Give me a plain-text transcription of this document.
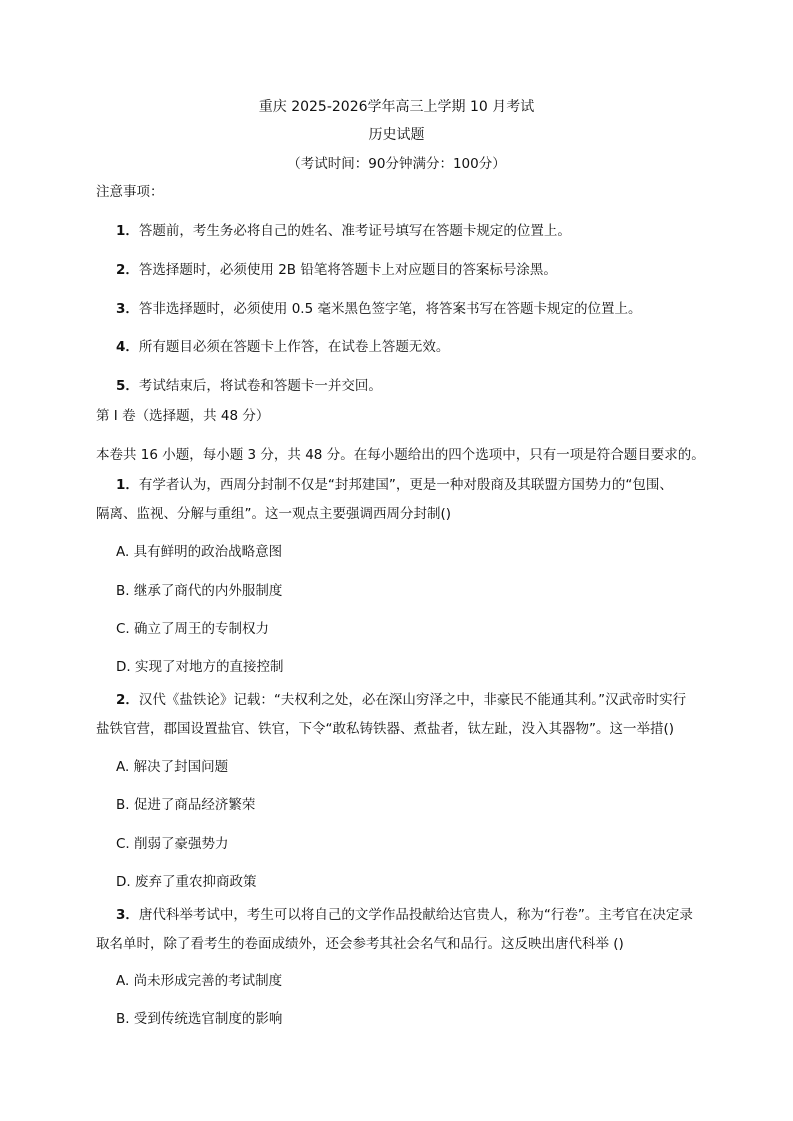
重庆 2025-2026学年高三上学期 10 月考试
历史试题
（考试时间：90分钟满分：100分）
注意事项：
1．答题前，考生务必将自己的姓名、准考证号填写在答题卡规定的位置上。
2．答选择题时，必须使用 2B 铅笔将答题卡上对应题目的答案标号涂黑。
3．答非选择题时，必须使用 0.5 毫米黑色签字笔，将答案书写在答题卡规定的位置上。
4．所有题目必须在答题卡上作答，在试卷上答题无效。
5．考试结束后，将试卷和答题卡一并交回。
第 I 卷（选择题，共 48 分）
本卷共 16 小题，每小题 3 分，共 48 分。在每小题给出的四个选项中，只有一项是符合题目要求的。
1．有学者认为，西周分封制不仅是“封邦建国”，更是一种对殷商及其联盟方国势力的“包围、
隔离、监视、分解与重组”。这一观点主要强调西周分封制()
A. 具有鲜明的政治战略意图
B. 继承了商代的内外服制度
C. 确立了周王的专制权力
D. 实现了对地方的直接控制
2．汉代《盐铁论》记载：“夫权利之处，必在深山穷泽之中，非豪民不能通其利。”汉武帝时实行
盐铁官营，郡国设置盐官、铁官，下令“敢私铸铁器、煮盐者，钛左趾，没入其器物”。这一举措()
A. 解决了封国问题
B. 促进了商品经济繁荣
C. 削弱了豪强势力
D. 废弃了重农抑商政策
3．唐代科举考试中，考生可以将自己的文学作品投献给达官贵人，称为“行卷”。主考官在决定录
取名单时，除了看考生的卷面成绩外，还会参考其社会名气和品行。这反映出唐代科举 ()
A. 尚未形成完善的考试制度
B. 受到传统选官制度的影响
